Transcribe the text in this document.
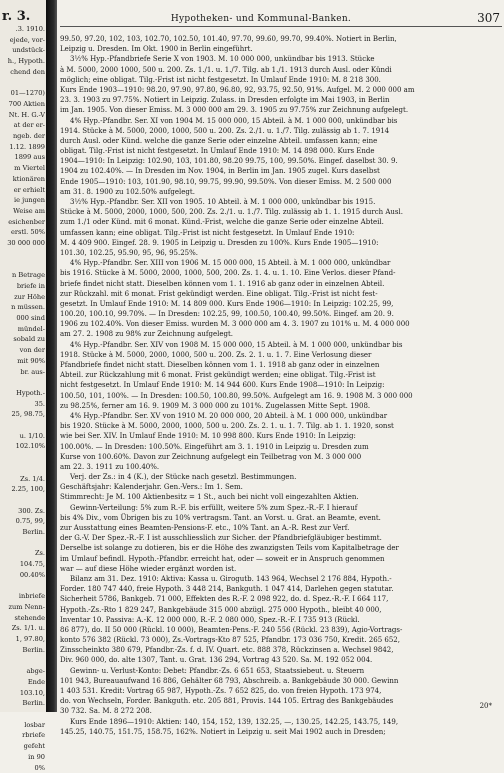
r. 3.
.3. 1910.
ejede, vor-
undstück-
h., Hypoth.
chend den

01—1270)
700 Aktien
Nt. H. G.-V
at der er-
ngeb. der
1.12. 1899
1899 aus
m Viertel
ktionären
er erhielt
ie jungen
Weise am
esichenber
erstl. 50%
30 000 000

n Betrage
briefe in
zur Höhe
n müssen.
000 sind
mündel-
sobald zu
von der
mit 90%
br. aus-

Hypoth.-
35.
25, 98.75,

u. 1/10.
102.10%

Zs. 1/4.
2.25, 100,

300. Zs.
0.75, 99,
Berlin.

Zs.
104.75,
00.40%

inbriefe
zum Nenn-
stehende
Zs. 1/1. u.
1, 97.80,
Berlin.

abge-
Ende
103.10,
Berlin.

losbar
rbriefe
gefeht
in 90
0%
Hypotheken- und Kommunal-Banken.	307
99.50, 97.20, 102, 103, 102.70, 102.50, 101.40, 97.70, 99.60, 99.70, 99.40%. Notiert in Berlin,
Leipzig u. Dresden. Im Okt. 1900 in Berlin eingeführt.
3½% Hyp.-Pfandbriefe Serie X von 1903. M. 10 000 000, unkündbar bis 1913. Stücke
à M. 5000, 2000 1000, 500 u. 200. Zs. 1./1. u. 1./7. Tilg. ab 1./1. 1913 durch Ausl. oder Kündi
möglich; eine obligat. Tilg.-Frist ist nicht festgesetzt. In Umlauf Ende 1910: M. 8 218 300.
Kurs Ende 1903—1910: 98.20, 97.90, 97.80, 96.80, 92, 93.75, 92.50, 91%. Aufgel. M. 2 000 000 am
23. 3. 1903 zu 97.75%. Notiert in Leipzig. Zulass. in Dresden erfolgte im Mai 1903, in Berlin
im Jan. 1905. Von dieser Emiss. M. 3 000 000 am 29. 3. 1905 zu 97.75% zur Zeichnung aufgelegt.
4% Hyp.-Pfandbr. Ser. XI von 1904 M. 15 000 000, 15 Abteil. à M. 1 000 000, unkündbar bis
1914. Stücke à M. 5000, 2000, 1000, 500 u. 200. Zs. 2./1. u. 1./7. Tilg. zulässig ab 1. 7. 1914
durch Ausl. oder Künd. welche die ganze Serie oder einzelne Abteil. umfassen kann; eine
obligat. Tilg.-Frist ist nicht festgesetzt. In Umlauf Ende 1910: M. 14 898 000. Kurs Ende
1904—1910: In Leipzig: 102.90, 103, 101.80, 98.20 99.75, 100, 99.50%. Eingef. daselbst 30. 9.
1904 zu 102.40%. — In Dresden im Nov. 1904, in Berlin im Jan. 1905 zugel. Kurs daselbst
Ende 1905—1910: 103, 101.90, 98.10, 99.75, 99.90, 99.50%. Von dieser Emiss. M. 2 500 000
am 31. 8. 1900 zu 102.50% aufgelegt.
3½% Hyp.-Pfandbr. Ser. XII von 1905. 10 Abteil. à M. 1 000 000, unkündbar bis 1915.
Stücke à M. 5000, 2000, 1000, 500, 200. Zs. 2./1. u. 1./7. Tilg. zulässig ab 1. 1. 1915 durch Ausl.
zum 1./1 oder Künd. mit 6 monat. Künd.-Frist, welche die ganze Serie oder einzelne Abteil.
umfassen kann; eine obligat. Tilg.-Frist ist nicht festgesetzt. In Umlauf Ende 1910:
M. 4 409 900. Eingef. 28. 9. 1905 in Leipzig u. Dresden zu 100%. Kurs Ende 1905—1910:
101.30, 102.25, 95.90, 95, 96, 95.25%.
4% Hyp.-Pfandbr. Ser. XIII von 1906 M. 15 000 000, 15 Abteil. à M. 1 000 000, unkündbar
bis 1916. Stücke à M. 5000, 2000, 1000, 500, 200. Zs. 1. 4. u. 1. 10. Eine Verlos. dieser Pfand-
briefe findet nicht statt. Dieselben können vom 1. 1. 1916 ab ganz oder in einzelnen Abteil.
zur Rückzahl. mit 6 monat. Frist gekündigt werden. Eine obligat. Tilg.-Frist ist nicht fest-
gesetzt. In Umlauf Ende 1910: M. 14 809 000. Kurs Ende 1906—1910: In Leipzig: 102.25, 99,
100.20, 100.10, 99.70%. — In Dresden: 102.25, 99, 100.50, 100.40, 99.50%. Eingef. am 20. 9.
1906 zu 102.40%. Von dieser Emiss. wurden M. 3 000 000 am 4. 3. 1907 zu 101% u. M. 4 000 000
am 27. 2. 1908 zu 98% zur Zeichnung aufgelegt.
4% Hyp.-Pfandbr. Ser. XIV von 1908 M. 15 000 000, 15 Abteil. à M. 1 000 000, unkündbar bis
1918. Stücke à M. 5000, 2000, 1000, 500 u. 200. Zs. 2. 1. u. 1. 7. Eine Verlosung dieser
Pfandbriefe findet nicht statt. Dieselben können vom 1. 1. 1918 ab ganz oder in einzelnen
Abteil. zur Rückzahlung mit 6 monat. Frist gekündigt werden; eine obligat. Tilg.-Frist ist
nicht festgesetzt. In Umlauf Ende 1910: M. 14 944 600. Kurs Ende 1908—1910: In Leipzig:
100.50, 101, 100%. — In Dresden: 100.50, 100.80, 99.50%. Aufgelegt am 16. 9. 1908 M. 3 000 000
zu 98.25%, ferner am 16. 9. 1909 M. 3 000 000 zu 101%. Zugelassen Mitte Sept. 1908.
4% Hyp.-Pfandbr. Ser. XV von 1910 M. 20 000 000, 20 Abteil. à M. 1 000 000, unkündbar
bis 1920. Stücke à M. 5000, 2000, 1000, 500 u. 200. Zs. 2. 1. u. 1. 7. Tilg. ab 1. 1. 1920, sonst
wie bei Ser. XIV. In Umlauf Ende 1910: M. 10 998 800. Kurs Ende 1910: In Leipzig:
100.00%. — In Dresden: 100.50%. Eingeführt am 3. 1. 1910 in Leipzig u. Dresden zum
Kurse von 100.60%. Davon zur Zeichnung aufgelegt ein Teilbetrag von M. 3 000 000
am 22. 3. 1911 zu 100.40%.
Verj. der Zs.: in 4 (K.), der Stücke nach gesetzl. Bestimmungen.
Geschäftsjahr: Kalenderjahr. Gen.-Vers.: Im 1. Sem.
Stimmrecht: Je M. 100 Aktienbesitz = 1 St., auch bei nicht voll eingezahlten Aktien.
Gewinn-Verteilung: 5% zum R.-F. bis erfüllt, weitere 5% zum Spez.-R.-F. I hierauf
bis 4% Div., vom Übrigen bis zu 10% vertragsm. Tant. an Vorst. u. Grat. an Beamte, event.
zur Ausstattung eines Beamten-Pensions-F. etc., 10% Tant. an A.-R. Rest zur Verf.
der G.-V. Der Spez.-R.-F. I ist ausschliesslich zur Sicher. der Pfandbriefgläubiger bestimmt.
Derselbe ist solange zu dotieren, bis er die Höhe des zwanzigsten Teils vom Kapitalbetrage der
im Umlauf befindl. Hypoth.-Pfandbr. erreicht hat, oder — soweit er in Anspruch genommen
war — auf diese Höhe wieder ergänzt worden ist.
Bilanz am 31. Dez. 1910: Aktiva: Kassa u. Girogutb. 143 964, Wechsel 2 176 884, Hypoth.-
Forder. 180 747 440, freie Hypoth. 3 448 214, Bankguth. 1 047 414, Darlehen gegen statutar.
Sicherheit 5786, Bankgeb. 71 000, Effekten des R.-F. 2 098 922, do. d. Spez.-R.-F. I 664 117,
Hypoth.-Zs.-Rto 1 829 247, Bankgebäude 315 000 abzügl. 275 000 Hypoth., bleibt 40 000,
Inventar 10. Passiva: A.-K. 12 000 000, R.-F. 2 080 000, Spez.-R.-F. I 735 913 (Rückl.
86 877), do. II 50 000 (Rückl. 10 000), Beamten-Pens.-F. 240 556 (Rückl. 23 839), Agio-Vortrags-
konto 576 382 (Rückl. 73 000), Zs.-Vortrags-Kto 87 525, Pfandbr. 173 036 750, Kredit. 265 652,
Zinsscheinkto 380 679, Pfandbr.-Zs. f. d. IV. Quart. etc. 888 378, Rückzinsen a. Wechsel 9842,
Div. 960 000, do. alte 1307, Tant. u. Grat. 136 294, Vortrag 43 520. Sa. M. 192 052 004.
Gewinn- u. Verlust-Konto: Debet: Pfandbr.-Zs. 6 651 653, Staatssiebeut. u. Steuern
101 943, Bureauaufwand 16 886, Gehälter 68 793, Abschreib. a. Bankgebäude 30 000. Gewinn
1 403 531. Kredit: Vortrag 65 987, Hypoth.-Zs. 7 652 825, do. von freien Hypoth. 173 974,
do. von Wechseln, Forder. Bankguth. etc. 205 881, Provis. 144 105. Ertrag des Bankgebäudes
30 732. Sa. M. 8 272 208.
Kurs Ende 1896—1910: Aktien: 140, 154, 152, 139, 132.25, —, 130.25, 142.25, 143.75, 149,
145.25, 140.75, 151.75, 158.75, 162%. Notiert in Leipzig u. seit Mai 1902 auch in Dresden;
20*
